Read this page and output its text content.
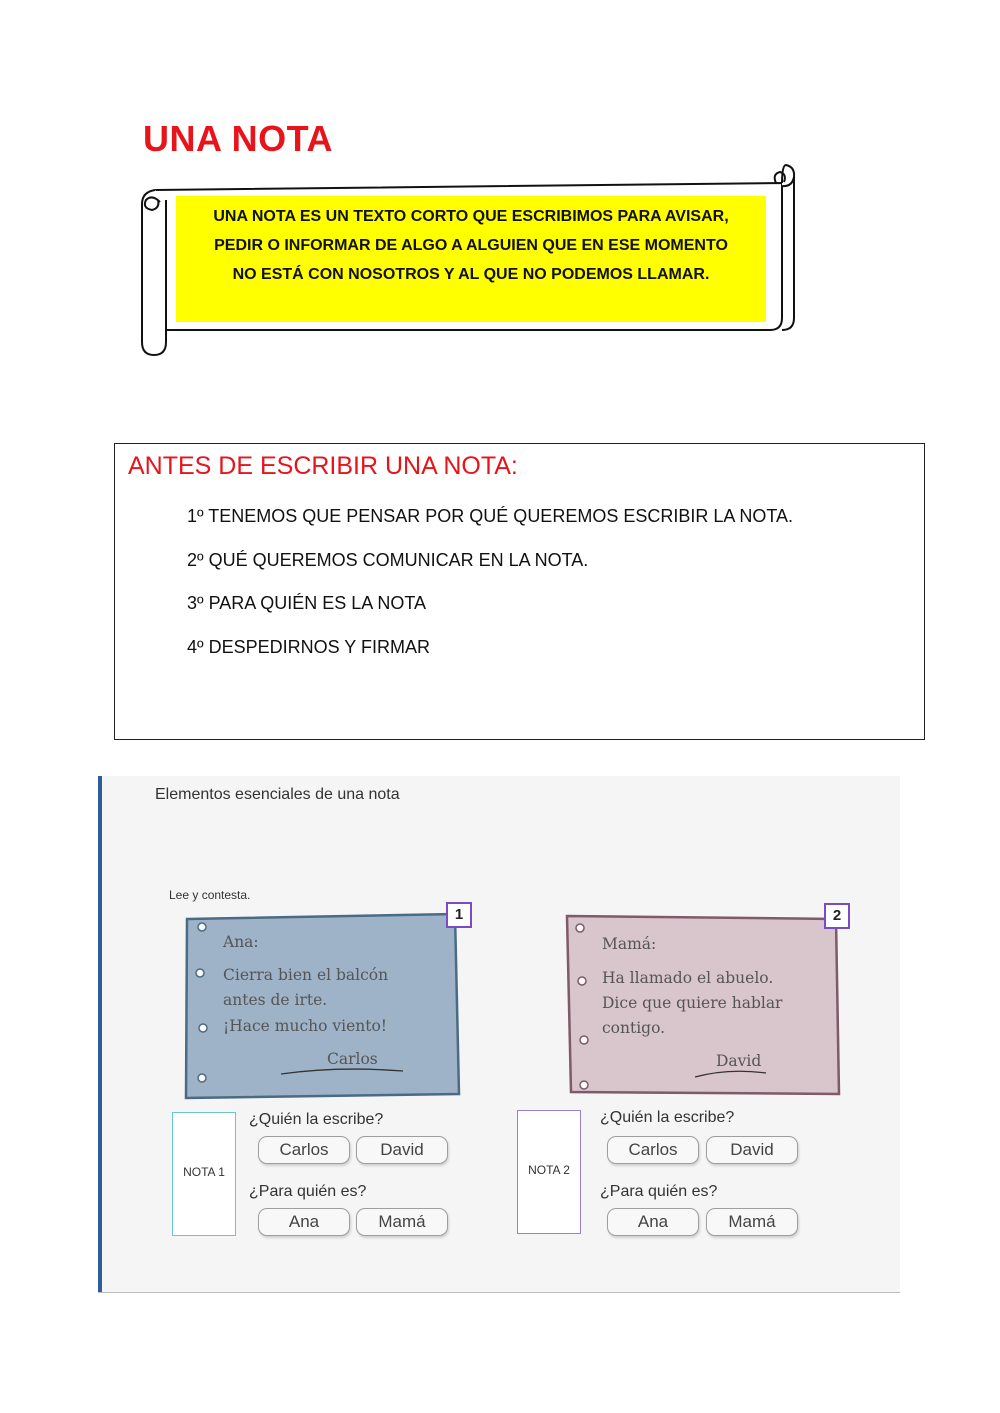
UNA NOTA
UNA NOTA ES UN TEXTO CORTO QUE ESCRIBIMOS PARA AVISAR,
PEDIR O INFORMAR DE ALGO A ALGUIEN QUE EN ESE MOMENTO
NO ESTÁ CON NOSOTROS Y AL QUE NO PODEMOS LLAMAR.
ANTES DE ESCRIBIR UNA NOTA:
1º TENEMOS QUE PENSAR POR QUÉ QUEREMOS ESCRIBIR LA NOTA.
2º QUÉ QUEREMOS COMUNICAR EN LA NOTA.
3º PARA QUIÉN ES LA NOTA
4º DESPEDIRNOS Y FIRMAR
Elementos esenciales de una nota
Lee y contesta.
1
Ana:
Cierra bien el balcón
antes de irte.
¡Hace mucho viento!
Carlos
2
Mamá:
Ha llamado el abuelo.
Dice que quiere hablar
contigo.
David
NOTA 1
¿Quién la escribe?
Carlos	David
¿Para quién es?
Ana	Mamá
NOTA 2
¿Quién la escribe?
Carlos	David
¿Para quién es?
Ana	Mamá
